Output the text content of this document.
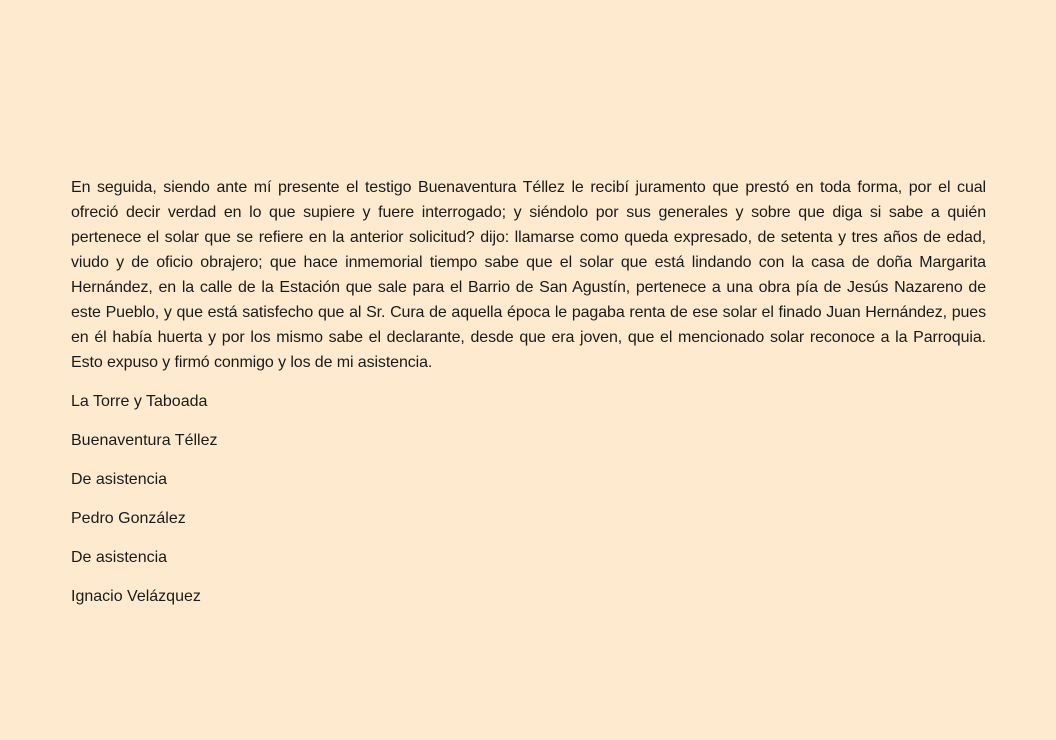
En seguida, siendo ante mí presente el testigo Buenaventura Téllez le recibí juramento que prestó en toda forma, por el cual ofreció decir verdad en lo que supiere y fuere interrogado; y siéndolo por sus generales y sobre que diga si sabe a quién pertenece el solar que se refiere en la anterior solicitud? dijo: llamarse como queda expresado, de setenta y tres años de edad, viudo y de oficio obrajero; que hace inmemorial tiempo sabe que el solar que está lindando con la casa de doña Margarita Hernández, en la calle de la Estación que sale para el Barrio de San Agustín, pertenece a una obra pía de Jesús Nazareno de este Pueblo, y que está satisfecho que al Sr. Cura de aquella época le pagaba renta de ese solar el finado Juan Hernández, pues en él había huerta y por los mismo sabe el declarante, desde que era joven, que el mencionado solar reconoce a la Parroquia. Esto expuso y firmó conmigo y los de mi asistencia.

La Torre y Taboada

Buenaventura Téllez

De asistencia

Pedro González

De asistencia

Ignacio Velázquez
